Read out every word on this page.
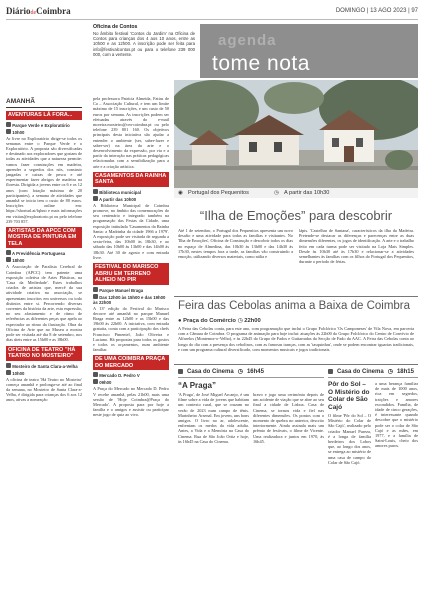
DiáriodeCoimbra	DOMINGO | 13 AGO 2023 | 97
AMANHÃ
AVENTURAS LÁ FORA...
Parque Verde e Exploratório
10h00

Ar livre no Exploratório dirige-se todos os semanas entre o Parque Verde e o Exploratório. A proposta são diversificadas e destinado aos exploradores que gostam de todas as atividades que a natureza permite: vamos fazer construções em madeira, aprender a segredos dos nós, construir jangadas e caixas de pesca e até experimentar fazer abrigos de madeira na floresta. Dirigida a jovens entre os 6 e os 12 anos (com lotação máxima de 20 participantes), a semana de atividades que amanhã se inicia tem o custo de 80 euros. Inscrições online em: https://shorturl.at/fqhno e mais informações em visitas@exploratorio.pt ou pelo telefone 239 703 857.

ARTISTAS DA APCC COM MOSTRA DE PINTURA EM TELA
A Previdência Portuguesa
18h00

A Associação de Paralisia Cerebral de Coimbra (APCC) tem patente uma exposição coletiva de Artes Plásticas, na 'Casa da Mediedade'. Estes trabalhos criados de artistas que, mercê da sua atividade criativa na associação, se apresentam inscritos em universos ou todo distintos entre si. Percorrendo diversas correntes da história da arte, esta expressão, no seu afastamento e de ritmo de referências as diferentes peças que apela ao espectador ao ritmo da ilustração. Obra da Oficina de Arte que no Museu a mostra pode ser visitada até dia 8 de setembro, nos dias úteis entre as 15h00 e as 18h00.

OFICINA DE TEATRO "HÁ TEATRO NO MOSTEIRO"
Mosteiro de Santa Clara-a-Velha
10h00

A oficina de teatro 'Há Teatro no Mosteiro' começa amanhã e prolonga-se até ao final da semana, no Mosteiro de Santa Clara-a-Velha, é dirigida para crianças dos 6 aos 12 anos, ativas a nomeação

Oficina de Contos

No âmbito festival 'Contos do Jardim' na Oficina de Contos para crianças dos 4 aos 10 anos, entre as 10h00 e as 12h00. A inscrição pode ser feita para info@festivalcontos.pt ou para o telefone 239 000 000, com a vertente.

agenda
tome nota

pela professora Patrícia Almeida, Fatias de Ca – Associação Cultural, e tem um limite máximo de 15 inscrições, e um custo de 50 euros por semana. As inscrições podem ser efetuadas através do e-mail moreira.mosteiro@cm-coimbra.pt ou pelo telefone 239 801 160. Os objetivos principais desta iniciativa são ajudar a entender o ambiente (ser, saber-fazer e saber-ser) na área da arte e o desenvolvimento da expressão, por via e a partir da interação nas práticas pedagógicas relacionadas com a sensibilização para a arte e a criação artística.

CASAMENTOS DA RAINHA SANTA
Biblioteca municipal
A partir das 10h00

A Biblioteca Municipal de Coimbra promove, no âmbito das comemorações do seu centenário e integrado também na programação das Festas da Cidade, uma exposição intitulada 'Casamentos da Rainha Santa: a Madrinha da cidade 1966 a 1979'. A exposição pode ser visitada de segunda a sexta-feira, das 10h00 às 18h30, e ao sábado das 10h00 às 13h00 e das 14h00 às 18h30. Até 30 de agosto e com entrada livre.

FESTIVAL DO MARISCO ABRIU EM TERRENO ALHEIO NO PIR
Parque Manuel Braga
Das 12h00 às 15h00 e das 19h00 às 22h00

A 13ª edição do Festival do Marisco decorre até amanhã no parque Manuel Braga entre as 12h00 e as 15h00 e das 19h00 às 22h00. A iniciativa, com entrada gratuita, conta com a participação dos chefs Francisco Pimentel, João Oliveira e Luciano. Há propostas para todos os gostos e todos os orçamentos, num ambiente familiar.

DE UMA COIMBRA PRAÇA DO MERCADO
Mercado D. Pedro V
09h00

A Praça do Mercado no Mercado D. Pedro V recebe amanhã, pelas 21h00, mais uma sessão de 'Hoje Coimbra@Praça do Mercado'. A proposta para por hoje a família e o amigos e assistir ou participar neste jogo de quiz ao vivo.

◉ Portugal dos Pequenitos	◷ A partir das 10h30
“Ilha de Emoções” para descobrir

Até 1 de setembro, o Portugal dos Pequenitos apresenta um novo desafio e uma atividade para todas as famílias e visitantes. No 'Ilha de Emoções', Oficina de Construção e descobrir todos os dias no espaço de Almedina, das 10h30 às 13h00 e das 14h30 às 17h30, nestes tempos fora a tarde, as famílias vão construindo a emoção, utilizando diversos materiais, como nália e

lápis. 'Castelhar de Santana', característicos da ilha da Madeira. Pretende-se destacar as diferenças e parecenças entre as duas dimensões diferentes, os jogos de identificação. A arte e o trabalho feito em cada turma pode ser visitado na Loja Mais Simples. Desde às 10h30 até às 17h30 e relacionar-se a atividades semelhantes às famílias com os filhos do Portugal dos Pequenitos, durante o período de férias.

Feira das Cebolas anima a Baixa de Coimbra
● Praça do Comércio ◷ 22h00

A Feira das Cebolas conta, para este ano, com programação que inclui o Grupo Folclórico 'Os Camponeses' de Vila Nova, em parceria com a Câmara de Coimbra. O programa de animação para hoje inclui: atuações às 22h00 do Grupo Folclórico do Centro de Convívio de Alfarelos (Montemor-o-Velho), e às 22h45 do Grupo de Fados e Guitarradas da Secção de Fado da AAC. A Feira das Cebolas conta ao longo do dia com a presença dos cebolinos, com as famosas tranças, com as 'tasquinhas', onde se podem encontrar iguarias tradicionais, e com um programa cultural diversificado, com momentos musicais e jogos tradicionais.

Casa do Cinema ◷ 16h45
“A Praga”

'A Praga', de José Miguel Arcanjo, é um filme sobre a vida de jovens que habitam um contexto rural, que se cruzam no verão de 2023 num campo de tênis. Marinheiro Arsenal. Em jovem, uns bons amigos. O livro no ar, adolescente, enfrentam os medos da vida adulta. Antes, a Vida e a Memória na Casa do Cinema. Rua de São João Ortiz e hoje, às 16h45 na Casa do Cinema.

bravo e jogo uma cerimónia depois de um acidente de viação que se abre ao seu final a cidade de Lisboa. Casa de Cinema, se tornou vida e fiel nas diferentes dimensões. Os pontos com o momento de quebra no anterior, descrito interiormente. Ainda assinala mais um prêmio de festivais, o filme de Vicente. Uma realizadora e juntos em 1970, às 16h45.

Casa do Cinema ◷ 18h15
Pôr do Sol – O Mistério do Colar de São Cajó

O filme 'Pôr do Sol – O Mistério do Colar de São Cajó', realizado pelo criador Manuel Pureza, é a longa de família herdeiros dos Lobos que, ao longo dos anos, se entrega ao mistério de uma casa de campo do Colar de São Cajó.

a uma herança familiar de mais de 1000 anos, rica em segredos, traições e amores escondidos. Família, de idade de cinco gerações, é interessante quando descobre que o mistério pode ser o colar de São Cajó e as mães, em 1977, e a família de Saint-Louis, cheio dos amores puros.
